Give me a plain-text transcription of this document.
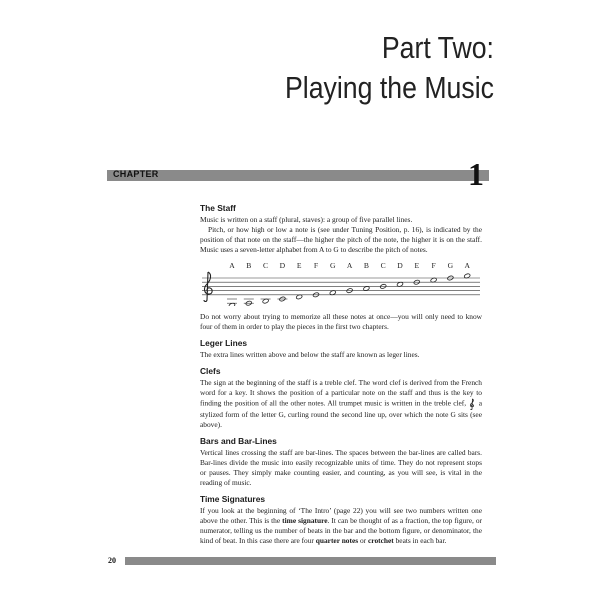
Part Two:
Playing the Music
CHAPTER	1
The Staff

Music is written on a staff (plural, staves): a group of five parallel lines.

Pitch, or how high or low a note is (see under Tuning Position, p. 16), is indicated by the position of that note on the staff—the higher the pitch of the note, the higher it is on the staff. Music uses a seven-letter alphabet from A to G to describe the pitch of notes.

A B C D E F G A B C D E F G A

Do not worry about trying to memorize all these notes at once—you will only need to know four of them in order to play the pieces in the first two chapters.

Leger Lines

The extra lines written above and below the staff are known as leger lines.

Clefs

The sign at the beginning of the staff is a treble clef. The word clef is derived from the French word for a key. It shows the position of a particular note on the staff and thus is the key to finding the position of all the other notes. All trumpet music is written in the treble clef, a stylized form of the letter G, curling round the second line up, over which the note G sits (see above).

Bars and Bar-Lines

Vertical lines crossing the staff are bar-lines. The spaces between the bar-lines are called bars. Bar-lines divide the music into easily recognizable units of time. They do not represent stops or pauses. They simply make counting easier, and counting, as you will see, is vital in the reading of music.

Time Signatures

If you look at the beginning of ‘The Intro’ (page 22) you will see two numbers written one above the other. This is the time signature. It can be thought of as a fraction, the top figure, or numerator, telling us the number of beats in the bar and the bottom figure, or denominator, the kind of beat. In this case there are four quarter notes or crotchet beats in each bar.

20
